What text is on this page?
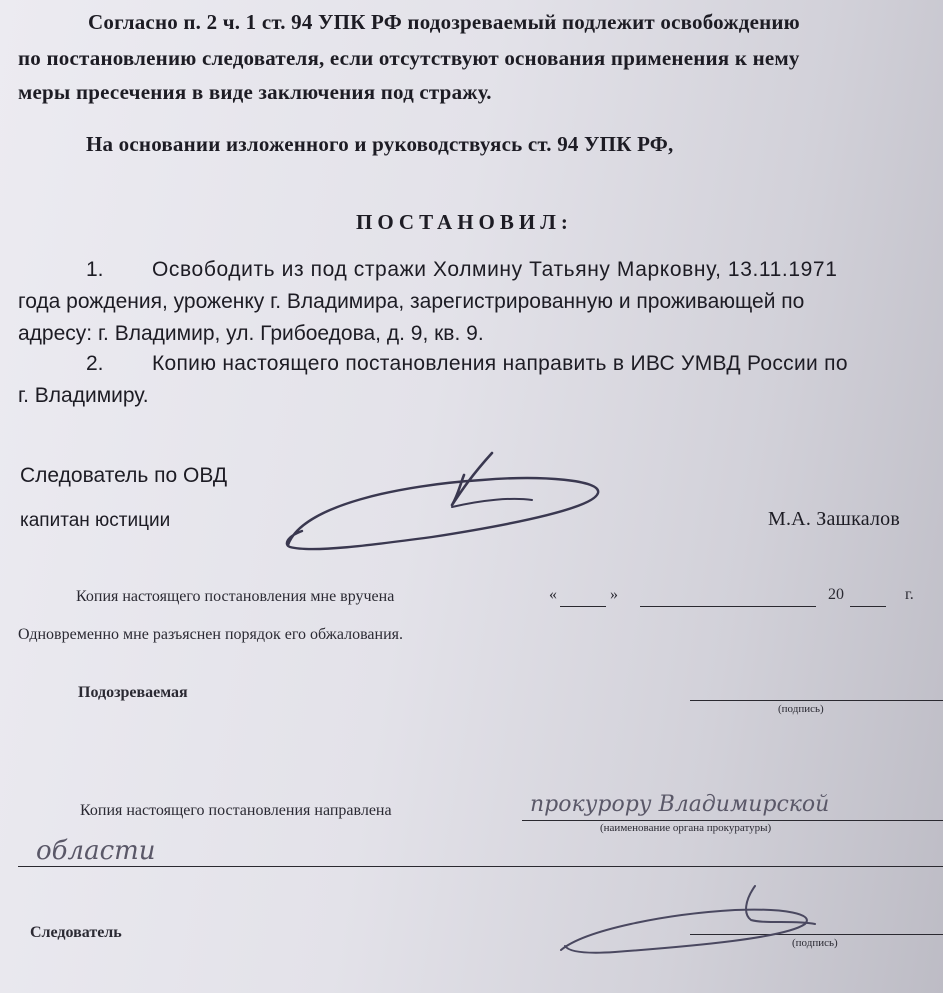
Согласно п. 2 ч. 1 ст. 94 УПК РФ подозреваемый подлежит освобождению

по постановлению следователя, если отсутствуют основания применения к нему

меры пресечения в виде заключения под стражу.

На основании изложенного и руководствуясь ст. 94 УПК РФ,

ПОСТАНОВИЛ:

1. Освободить из под стражи Холмину Татьяну Марковну, 13.11.1971

года рождения, уроженку г. Владимира, зарегистрированную и проживающей по

адресу: г. Владимир, ул. Грибоедова, д. 9, кв. 9.

2. Копию настоящего постановления направить в ИВС УМВД России по

г. Владимиру.

Следователь по ОВД

капитан юстиции	М.А. Зашкалов

Копия настоящего постановления мне вручена	«	»	20	г.

Одновременно мне разъяснен порядок его обжалования.

Подозреваемая

(подпись)

Копия настоящего постановления направлена	прокурору Владимирской
(наименование органа прокуратуры)
области

Следователь

(подпись)
